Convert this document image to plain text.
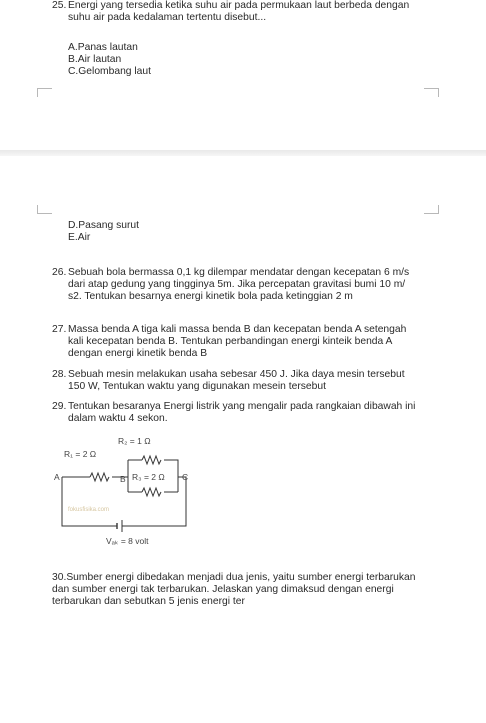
25. Energi yang tersedia ketika suhu air pada permukaan laut berbeda dengan
suhu air pada kedalaman tertentu disebut...
A.Panas lautan
B.Air lautan
C.Gelombang laut
D.Pasang surut
E.Air
26. Sebuah bola bermassa 0,1 kg dilempar mendatar dengan kecepatan 6 m/s
dari atap gedung yang tingginya 5m. Jika percepatan gravitasi bumi 10 m/
s2. Tentukan besarnya energi kinetik bola pada ketinggian 2 m
27. Massa benda A tiga kali massa benda B dan kecepatan benda A setengah
kali kecepatan benda B. Tentukan perbandingan energi kinteik benda A
dengan energi kinetik benda B
28. Sebuah mesin melakukan usaha sebesar 450 J. Jika daya mesin tersebut
150 W, Tentukan waktu yang digunakan mesein tersebut
29. Tentukan besaranya Energi listrik yang mengalir pada rangkaian dibawah ini
dalam waktu 4 sekon.
R₂ = 1 Ω
R₁ = 2 Ω
A	B R₃ = 2 Ω C
fokusfisika.com
Vₐₖ = 8 volt
30.Sumber energi dibedakan menjadi dua jenis, yaitu sumber energi terbarukan
dan sumber energi tak terbarukan. Jelaskan yang dimaksud dengan energi
terbarukan dan sebutkan 5 jenis energi ter
